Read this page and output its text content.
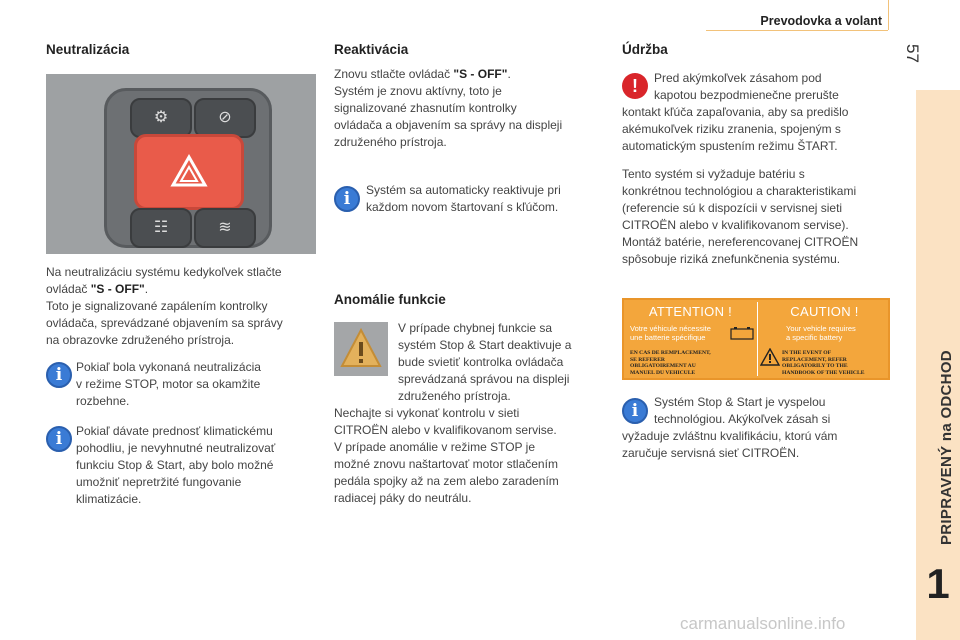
Prevodovka a volant
57
PRIPRAVENÝ na ODCHOD
1
Neutralizácia
⚙	⊘
☷	≋
Na neutralizáciu systému kedykoľvek stlačte
ovládač "S - OFF".
Toto je signalizované zapálením kontrolky
ovládača, sprevádzané objavením sa správy
na obrazovke združeného prístroja.
i	Pokiaľ bola vykonaná neutralizácia
v režime STOP, motor sa okamžite
rozbehne.
i	Pokiaľ dávate prednosť klimatickému
pohodliu, je nevyhnutné neutralizovať
funkciu Stop & Start, aby bolo možné
umožniť nepretržité fungovanie
klimatizácie.
Reaktivácia
Znovu stlačte ovládač "S - OFF".
Systém je znovu aktívny, toto je
signalizované zhasnutím kontrolky
ovládača a objavením sa správy na displeji
združeného prístroja.
i	Systém sa automaticky reaktivuje pri
každom novom štartovaní s kľúčom.
Anomálie funkcie
V prípade chybnej funkcie sa
systém Stop & Start deaktivuje a
bude svietiť kontrolka ovládača
sprevádzaná správou na displeji
združeného prístroja.
Nechajte si vykonať kontrolu v sieti
CITROËN alebo v kvalifikovanom servise.
V prípade anomálie v režime STOP je
možné znovu naštartovať motor stlačením
pedála spojky až na zem alebo zaradením
radiacej páky do neutrálu.
Údržba
!	Pred akýmkoľvek zásahom pod
kapotou bezpodmienečne prerušte
kontakt kľúča zapaľovania, aby sa predišlo
akémukoľvek riziku zranenia, spojeným s
automatickým spustením režimu ŠTART.
Tento systém si vyžaduje batériu s
konkrétnou technológiou a charakteristikami
(referencie sú k dispozícii v servisnej sieti
CITROËN alebo v kvalifikovanom servise).
Montáž batérie, nereferencovanej CITROËN
spôsobuje riziká znefunkčnenia systému.
ATTENTION !
Votre véhicule nécessite
une batterie spécifique
EN CAS DE REMPLACEMENT,
SE REFERER
OBLIGATOIREMENT AU
MANUEL DU VEHICULE
CAUTION !
Your vehicle requires
a specific battery
IN THE EVENT OF
REPLACEMENT, REFER
OBLIGATORILY TO THE
HANDBOOK OF THE VEHICLE
i	Systém Stop & Start je vyspelou
technológiou. Akýkoľvek zásah si
vyžaduje zvláštnu kvalifikáciu, ktorú vám
zaručuje servisná sieť CITROËN.
carmanualsonline.info
